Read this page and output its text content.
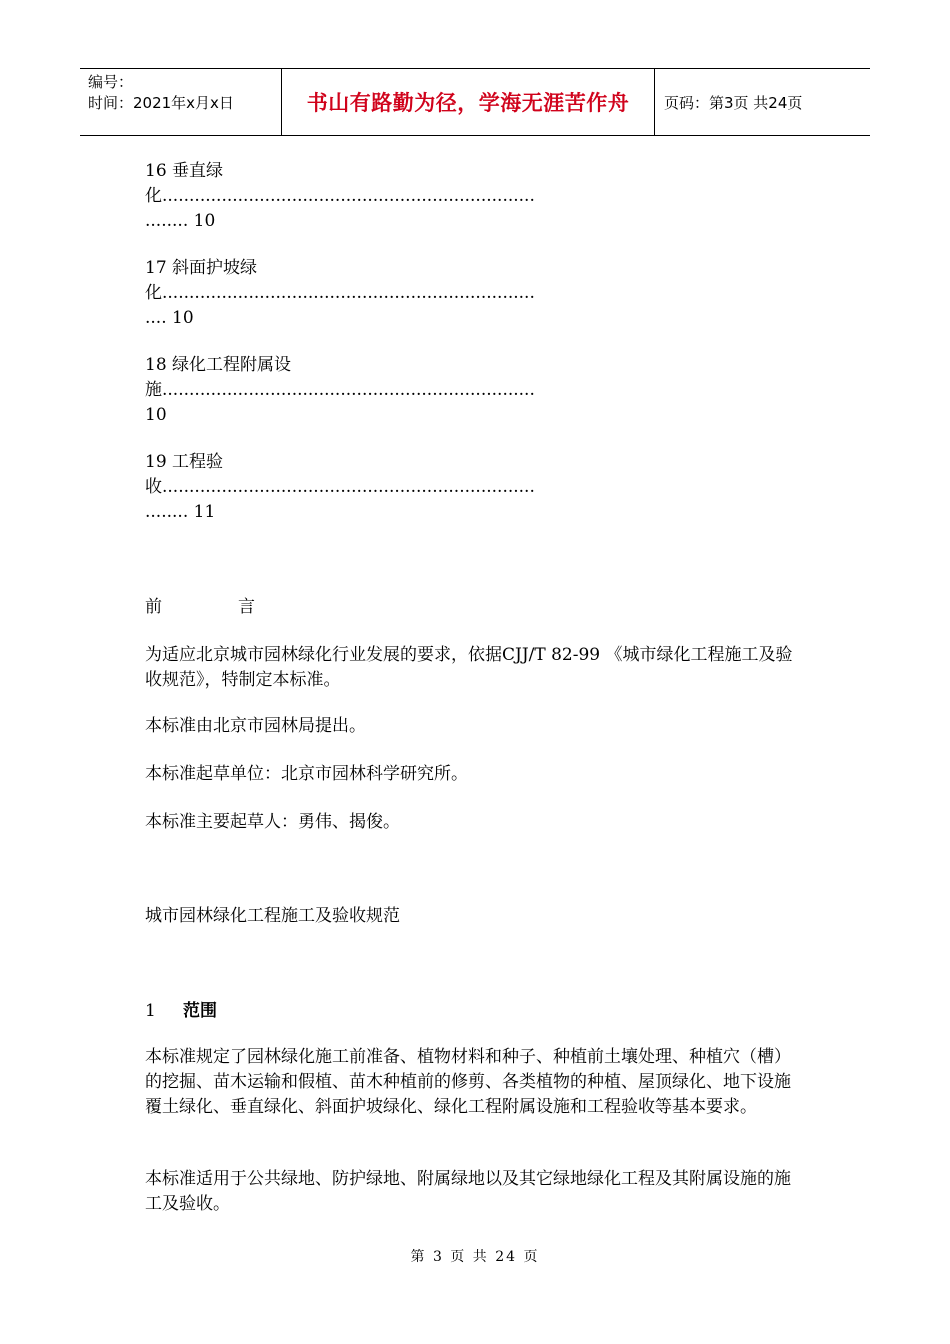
编号：
时间：2021年x月x日	书山有路勤为径，学海无涯苦作舟	页码：第3页 共24页
16 垂直绿
化.....................................................................
........ 10
17 斜面护坡绿
化.....................................................................
.... 10
18 绿化工程附属设
施.....................................................................
10
19 工程验
收.....................................................................
........ 11
前	言
为适应北京城市园林绿化行业发展的要求，依据CJJ/T 82-99 《城市绿化工程施工及验收规范》，特制定本标准。
本标准由北京市园林局提出。
本标准起草单位：北京市园林科学研究所。
本标准主要起草人：勇伟、揭俊。
城市园林绿化工程施工及验收规范
1 范围
本标准规定了园林绿化施工前准备、植物材料和种子、种植前土壤处理、种植穴（槽）的挖掘、苗木运输和假植、苗木种植前的修剪、各类植物的种植、屋顶绿化、地下设施覆土绿化、垂直绿化、斜面护坡绿化、绿化工程附属设施和工程验收等基本要求。
本标准适用于公共绿地、防护绿地、附属绿地以及其它绿地绿化工程及其附属设施的施工及验收。
第 3 页 共 24 页
